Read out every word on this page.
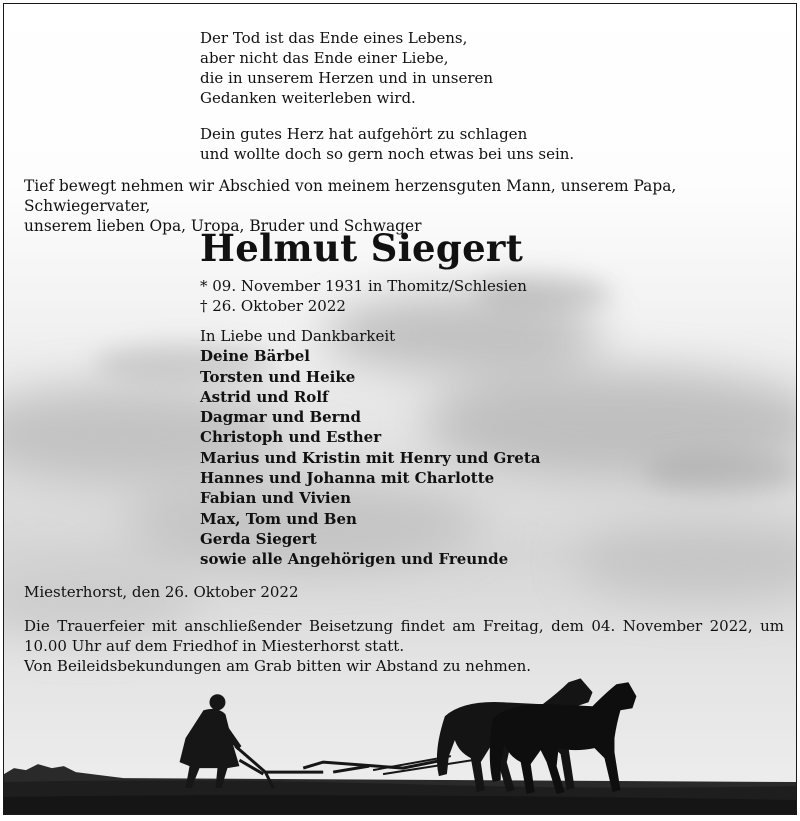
Der Tod ist das Ende eines Lebens,

aber nicht das Ende einer Liebe,

die in unserem Herzen und in unseren

Gedanken weiterleben wird.

Dein gutes Herz hat aufgehört zu schlagen

und wollte doch so gern noch etwas bei uns sein.

Tief bewegt nehmen wir Abschied von meinem herzensguten Mann, unserem Papa, Schwiegervater,

unserem lieben Opa, Uropa, Bruder und Schwager

Helmut Siegert

* 09. November 1931 in Thomitz/Schlesien

† 26. Oktober 2022

In Liebe und Dankbarkeit

Deine Bärbel

Torsten und Heike

Astrid und Rolf

Dagmar und Bernd

Christoph und Esther

Marius und Kristin mit Henry und Greta

Hannes und Johanna mit Charlotte

Fabian und Vivien

Max, Tom und Ben

Gerda Siegert

sowie alle Angehörigen und Freunde

Miesterhorst, den 26. Oktober 2022

Die Trauerfeier mit anschließender Beisetzung findet am Freitag, dem 04. November 2022, um

10.00 Uhr auf dem Friedhof in Miesterhorst statt.

Von Beileidsbekundungen am Grab bitten wir Abstand zu nehmen.
